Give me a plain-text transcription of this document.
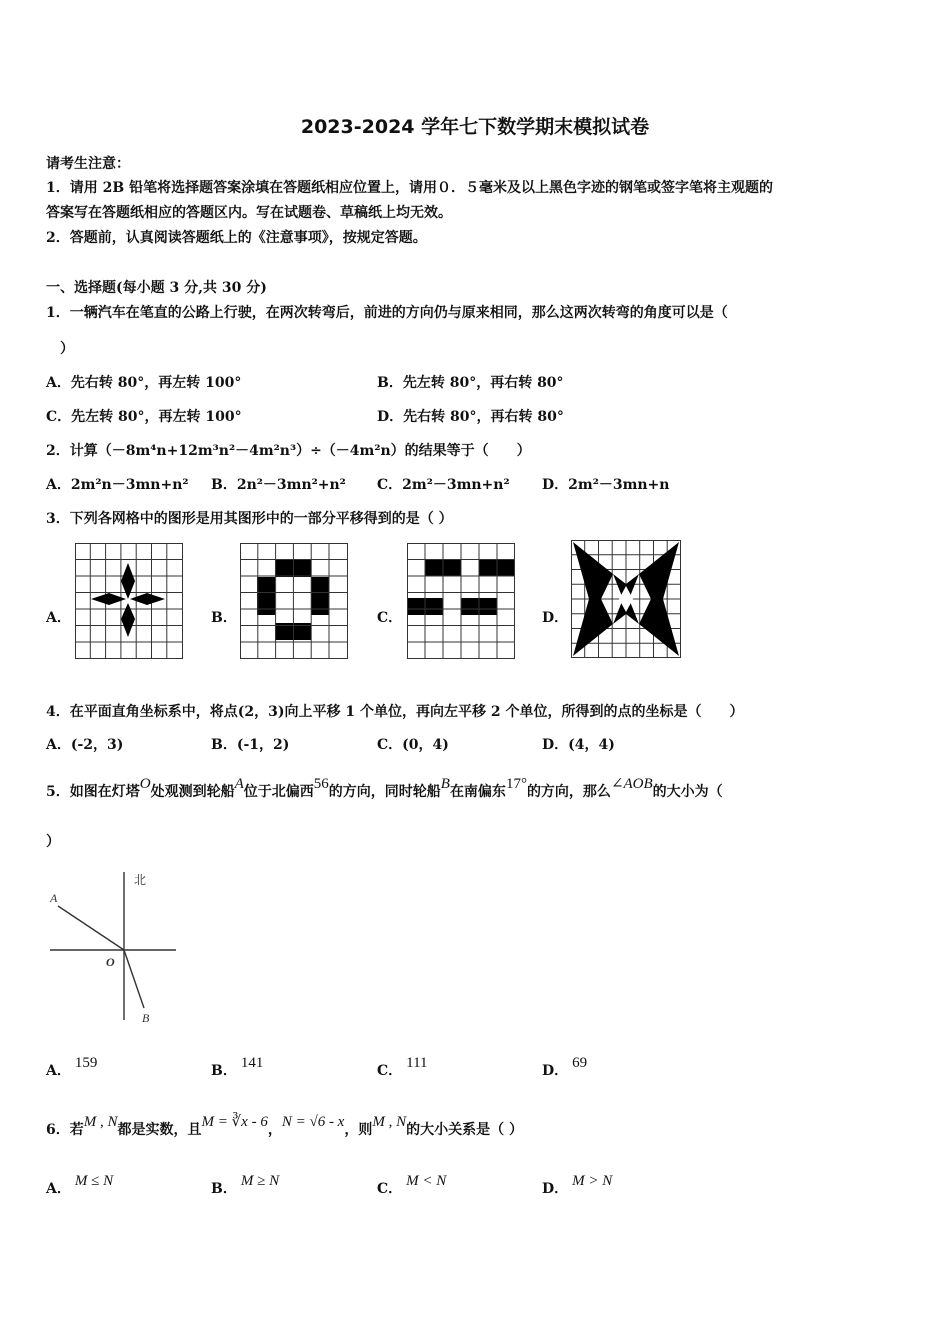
2023-2024 学年七下数学期末模拟试卷
请考生注意：
1．请用 2B 铅笔将选择题答案涂填在答题纸相应位置上，请用０．５毫米及以上黑色字迹的钢笔或签字笔将主观题的
答案写在答题纸相应的答题区内。写在试题卷、草稿纸上均无效。
2．答题前，认真阅读答题纸上的《注意事项》，按规定答题。
一、选择题(每小题 3 分,共 30 分)
1．一辆汽车在笔直的公路上行驶，在两次转弯后，前进的方向仍与原来相同，那么这两次转弯的角度可以是（
）
A．先右转 80°，再左转 100°	B．先左转 80°，再右转 80°
C．先左转 80°，再左转 100°	D．先右转 80°，再右转 80°
2．计算（－8m⁴n+12m³n²－4m²n³）÷（－4m²n）的结果等于（　　）
A．2m²n－3mn+n² B．2n²－3mn²+n² C．2m²－3mn+n² D．2m²－3mn+n
3．下列各网格中的图形是用其图形中的一部分平移得到的是（ ）
A．	B．	C．	D．
4．在平面直角坐标系中，将点(2，3)向上平移 1 个单位，再向左平移 2 个单位，所得到的点的坐标是（　　）
A．(-2，3)	B．(-1，2)	C．(0，4)	D．(4，4)
5．如图在灯塔O处观测到轮船A位于北偏西56的方向，同时轮船B在南偏东17°的方向，那么∠AOB的大小为（
）
北
A
O
B
A． 159	B． 141	C． 111	D． 69
6．若M , N都是实数，且M = ∛x - 6，N = √6 - x，则M , N的大小关系是（ ）
A． M ≤ N	B． M ≥ N	C． M < N	D． M > N
